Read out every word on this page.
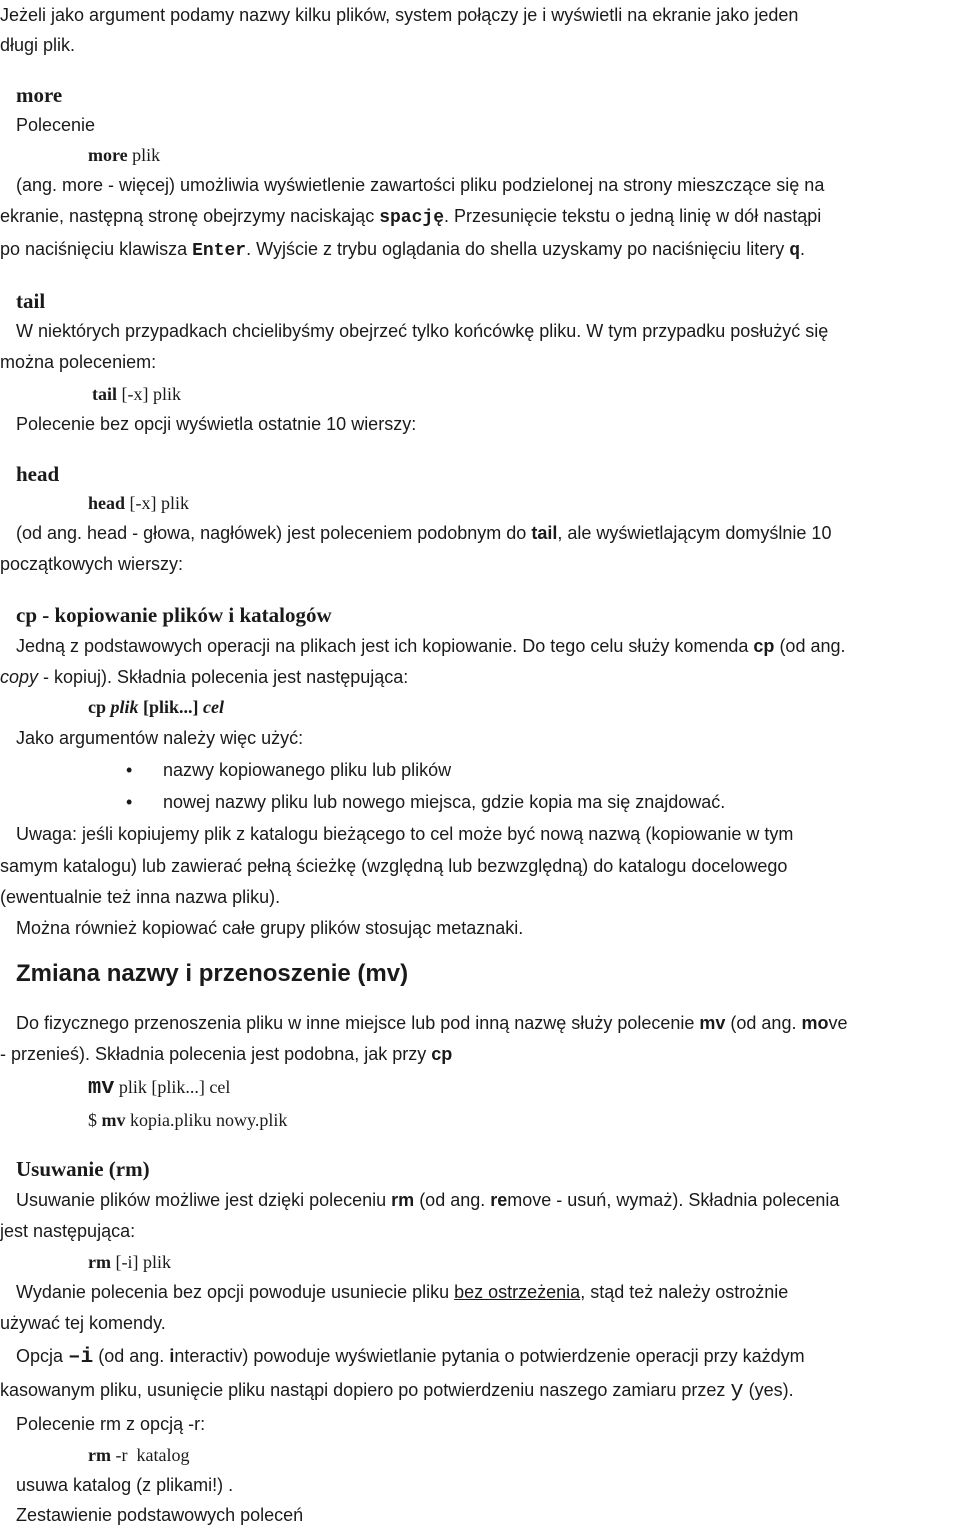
Jeżeli jako argument podamy nazwy kilku plików, system połączy je i wyświetli na ekranie jako jeden
długi plik.
more
Polecenie
more plik
(ang. more - więcej) umożliwia wyświetlenie zawartości pliku podzielonej na strony mieszczące się na
ekranie, następną stronę obejrzymy naciskając spację. Przesunięcie tekstu o jedną linię w dół nastąpi
po naciśnięciu klawisza Enter. Wyjście z trybu oglądania do shella uzyskamy po naciśnięciu litery q.
tail
W niektórych przypadkach chcielibyśmy obejrzeć tylko końcówkę pliku. W tym przypadku posłużyć się
można poleceniem:
tail [-x] plik
Polecenie bez opcji wyświetla ostatnie 10 wierszy:
head
head [-x] plik
(od ang. head - głowa, nagłówek) jest poleceniem podobnym do tail, ale wyświetlającym domyślnie 10
początkowych wierszy:
cp - kopiowanie plików i katalogów
Jedną z podstawowych operacji na plikach jest ich kopiowanie. Do tego celu służy komenda cp (od ang.
copy - kopiuj). Składnia polecenia jest następująca:
cp plik [plik...] cel
Jako argumentów należy więc użyć:
• nazwy kopiowanego pliku lub plików
• nowej nazwy pliku lub nowego miejsca, gdzie kopia ma się znajdować.
Uwaga: jeśli kopiujemy plik z katalogu bieżącego to cel może być nową nazwą (kopiowanie w tym
samym katalogu) lub zawierać pełną ścieżkę (względną lub bezwzględną) do katalogu docelowego
(ewentualnie też inna nazwa pliku).
Można również kopiować całe grupy plików stosując metaznaki.
Zmiana nazwy i przenoszenie (mv)
Do fizycznego przenoszenia pliku w inne miejsce lub pod inną nazwę służy polecenie mv (od ang. move
- przenieś). Składnia polecenia jest podobna, jak przy cp
mv plik [plik...] cel
$ mv kopia.pliku nowy.plik
Usuwanie (rm)
Usuwanie plików możliwe jest dzięki poleceniu rm (od ang. remove - usuń, wymaż). Składnia polecenia
jest następująca:
rm [-i] plik
Wydanie polecenia bez opcji powoduje usuniecie pliku bez ostrzeżenia, stąd też należy ostrożnie
używać tej komendy.
Opcja –i (od ang. interactiv) powoduje wyświetlanie pytania o potwierdzenie operacji przy każdym
kasowanym pliku, usunięcie pliku nastąpi dopiero po potwierdzeniu naszego zamiaru przez y (yes).
Polecenie rm z opcją -r:
rm -r  katalog
usuwa katalog (z plikami!) .
Zestawienie podstawowych poleceń
